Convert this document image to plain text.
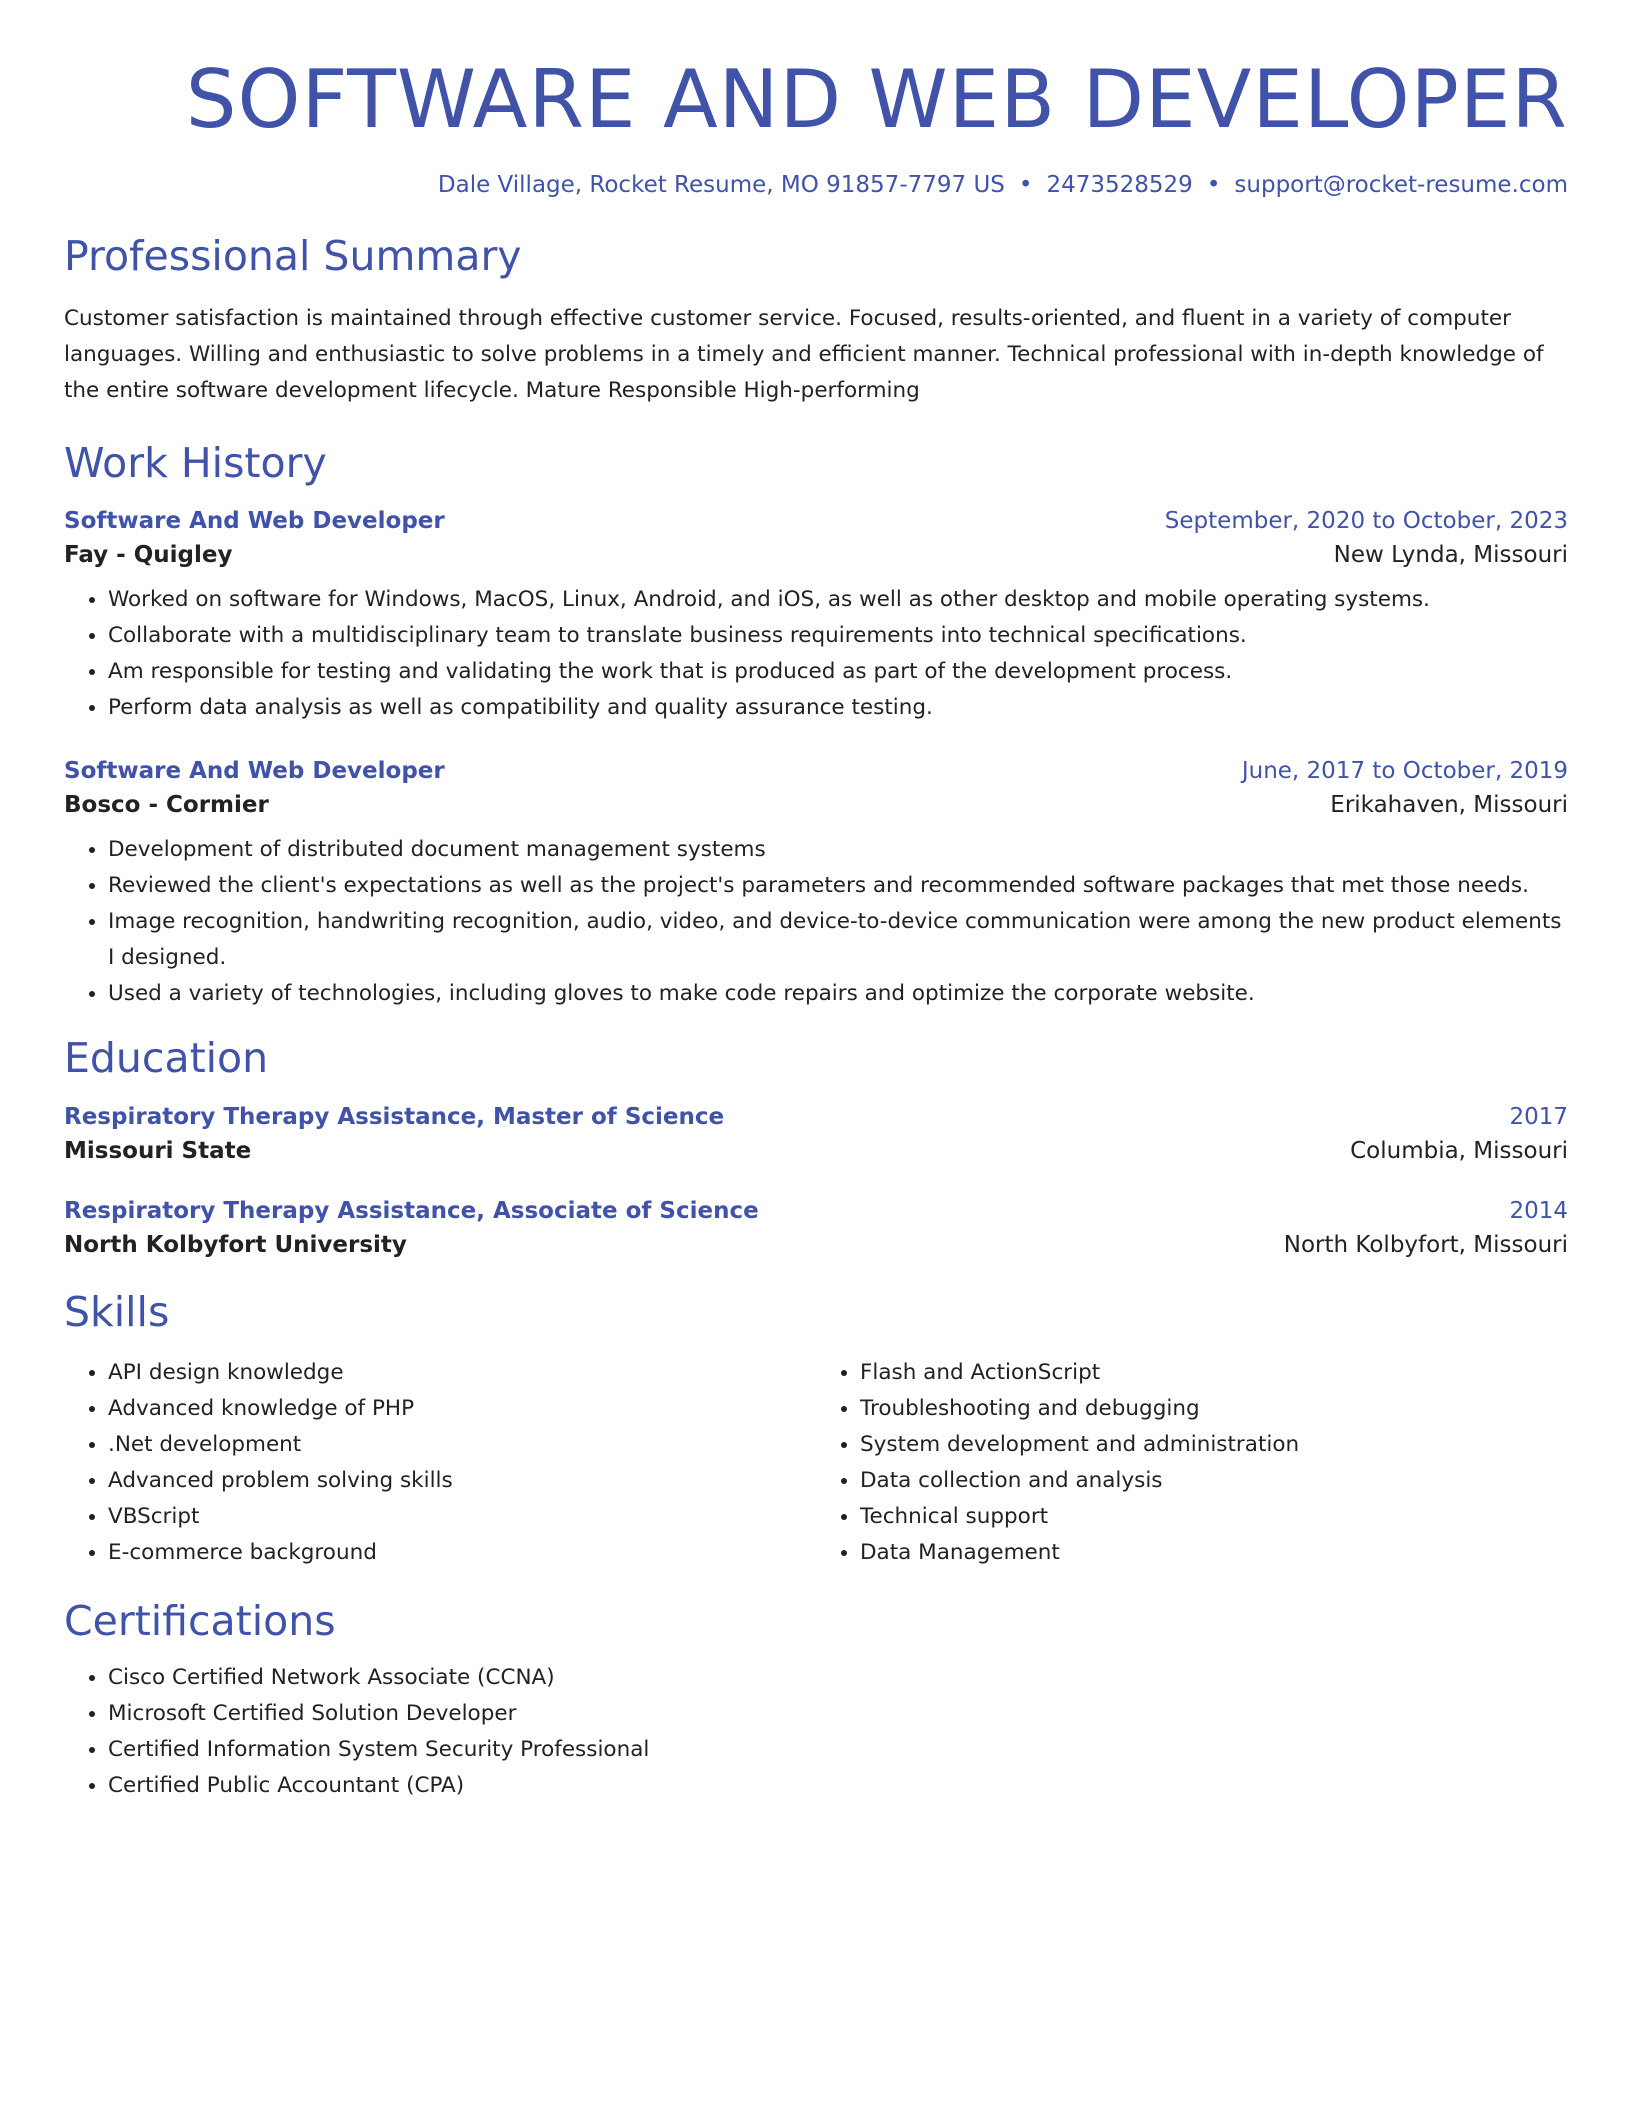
SOFTWARE AND WEB DEVELOPER
Dale Village, Rocket Resume, MO 91857-7797 US • 2473528529 • support@rocket-resume.com
Professional Summary
Customer satisfaction is maintained through effective customer service. Focused, results-oriented, and fluent in a variety of computer languages. Willing and enthusiastic to solve problems in a timely and efficient manner. Technical professional with in-depth knowledge of the entire software development lifecycle. Mature Responsible High-performing
Work History
Software And Web Developer	September, 2020 to October, 2023
Fay - Quigley	New Lynda, Missouri
• Worked on software for Windows, MacOS, Linux, Android, and iOS, as well as other desktop and mobile operating systems.
• Collaborate with a multidisciplinary team to translate business requirements into technical specifications.
• Am responsible for testing and validating the work that is produced as part of the development process.
• Perform data analysis as well as compatibility and quality assurance testing.
Software And Web Developer	June, 2017 to October, 2019
Bosco - Cormier	Erikahaven, Missouri
• Development of distributed document management systems
• Reviewed the client's expectations as well as the project's parameters and recommended software packages that met those needs.
• Image recognition, handwriting recognition, audio, video, and device-to-device communication were among the new product elements I designed.
• Used a variety of technologies, including gloves to make code repairs and optimize the corporate website.
Education
Respiratory Therapy Assistance, Master of Science	2017
Missouri State	Columbia, Missouri
Respiratory Therapy Assistance, Associate of Science	2014
North Kolbyfort University	North Kolbyfort, Missouri
Skills
• API design knowledge
• Advanced knowledge of PHP
• .Net development
• Advanced problem solving skills
• VBScript
• E-commerce background
• Flash and ActionScript
• Troubleshooting and debugging
• System development and administration
• Data collection and analysis
• Technical support
• Data Management
Certifications
• Cisco Certified Network Associate (CCNA)
• Microsoft Certified Solution Developer
• Certified Information System Security Professional
• Certified Public Accountant (CPA)
